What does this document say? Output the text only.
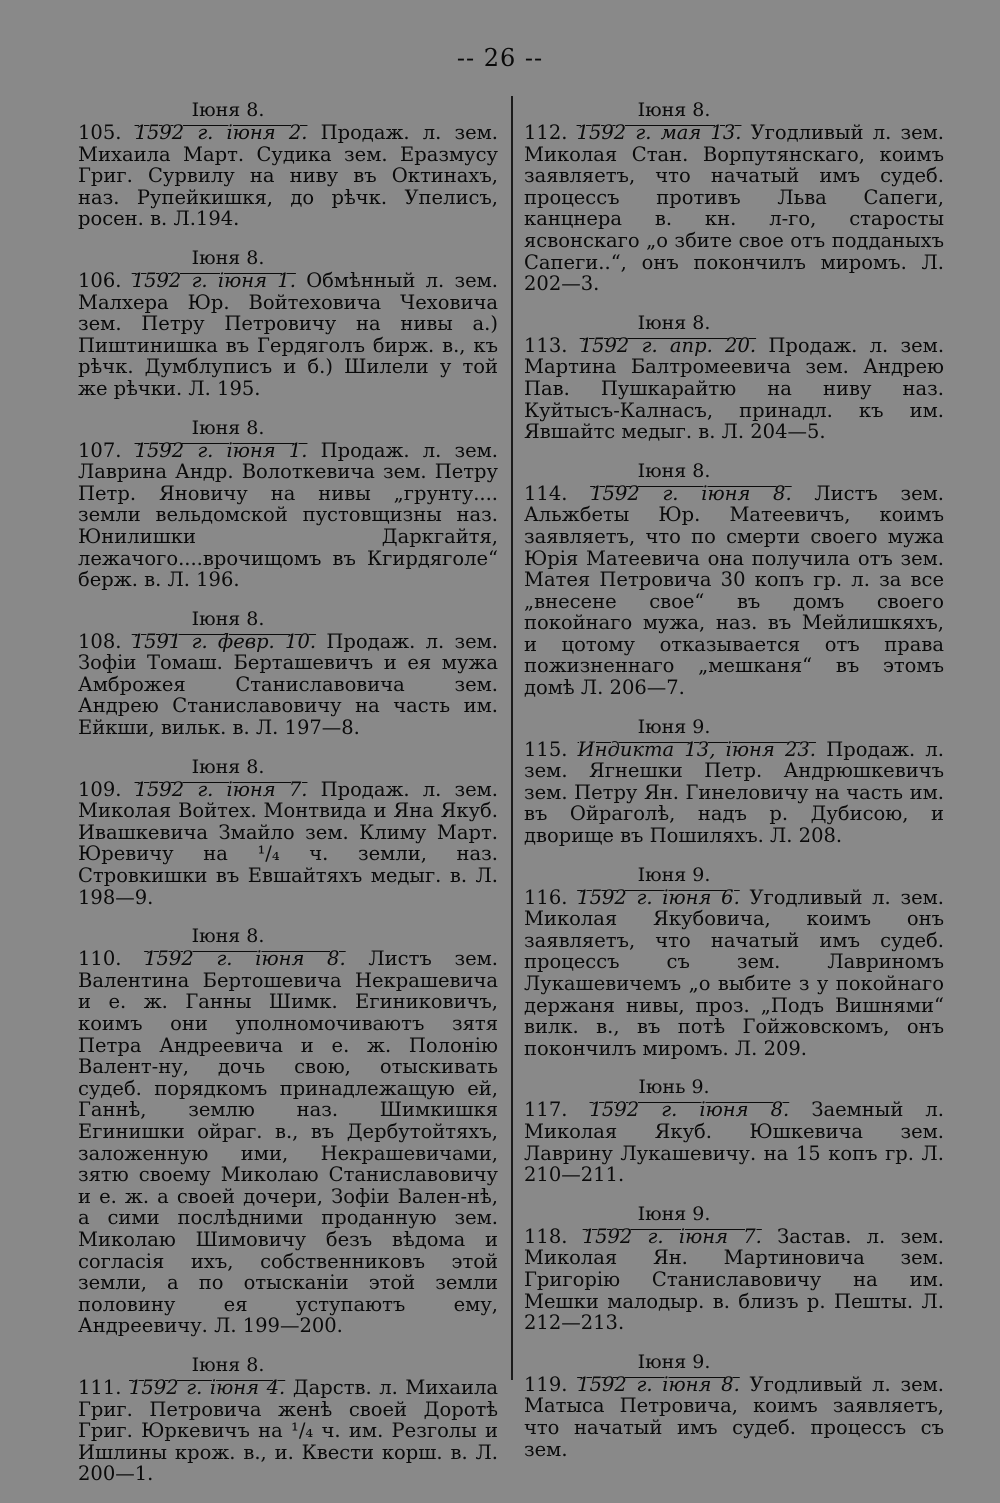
-- 26 --
Іюня 8.
105. 1592 г. іюня 2. Продаж. л. зем. Михаила Март. Судика зем. Еразмусу Григ. Сурвилу на ниву въ Октинахъ, наз. Рупейкишкя, до рѣчк. Упелисъ, росен. в. Л.194.
Іюня 8.
106. 1592 г. іюня 1. Обмѣнный л. зем. Малхера Юр. Войтеховича Чеховича зем. Петру Петровичу на нивы а.) Пиштинишка въ Гердяголъ бирж. в., къ рѣчк. Думблуписъ и б.) Шилели у той же рѣчки. Л. 195.
Іюня 8.
107. 1592 г. іюня 1. Продаж. л. зем. Лаврина Андр. Волоткевича зем. Петру Петр. Яновичу на нивы „грунту.... земли вельдомской пустовщизны наз. Юнилишки Даркгайтя, лежачого....врочищомъ въ Кгирдяголе“ берж. в. Л. 196.
Іюня 8.
108. 1591 г. февр. 10. Продаж. л. зем. Зофіи Томаш. Берташевичъ и ея мужа Амброжея Станиславовича зем. Андрею Станиславовичу на часть им. Ейкши, вильк. в. Л. 197—8.
Іюня 8.
109. 1592 г. іюня 7. Продаж. л. зем. Миколая Войтех. Монтвида и Яна Якуб. Ивашкевича Змайло зем. Климу Март. Юревичу на ¹/₄ ч. земли, наз. Стровкишки въ Евшайтяхъ медыг. в. Л. 198—9.
Іюня 8.
110. 1592 г. іюня 8. Листъ зем. Валентина Бертошевича Некрашевича и е. ж. Ганны Шимк. Егиниковичъ, коимъ они уполномочиваютъ зятя Петра Андреевича и е. ж. Полонію Валент-ну, дочь свою, отыскивать судеб. порядкомъ принадлежащую ей, Ганнѣ, землю наз. Шимкишкя Егинишки ойраг. в., въ Дербутойтяхъ, заложенную ими, Некрашевичами, зятю своему Миколаю Станиславовичу и е. ж. а своей дочери, Зофіи Вален-нѣ, а сими послѣдними проданную зем. Миколаю Шимовичу безъ вѣдома и согласія ихъ, собственниковъ этой земли, а по отысканіи этой земли половину ея уступаютъ ему, Андреевичу. Л. 199—200.
Іюня 8.
111. 1592 г. іюня 4. Дарств. л. Михаила Григ. Петровича женѣ своей Доротѣ Григ. Юркевичъ на ¹/₄ ч. им. Резголы и Ишлины крож. в., и. Квести корш. в. Л. 200—1.
Іюня 8.
112. 1592 г. мая 13. Угодливый л. зем. Миколая Стан. Ворпутянскаго, коимъ заявляетъ, что начатый имъ судеб. процессъ противъ Льва Сапеги, канцнера в. кн. л-го, старосты ясвонскаго „о збите свое отъ подданыхъ Сапеги..“, онъ покончилъ миромъ. Л. 202—3.
Іюня 8.
113. 1592 г. апр. 20. Продаж. л. зем. Мартина Балтромеевича зем. Андрею Пав. Пушкарайтю на ниву наз. Куйтысъ-Калнасъ, принадл. къ им. Явшайтс медыг. в. Л. 204—5.
Іюня 8.
114. 1592 г. іюня 8. Листъ зем. Альжбеты Юр. Матеевичъ, коимъ заявляетъ, что по смерти своего мужа Юрія Матеевича она получила отъ зем. Матея Петровича 30 копъ гр. л. за все „внесене свое“ въ домъ своего покойнаго мужа, наз. въ Мейлишкяхъ, и цотому отказывается отъ права пожизненнаго „мешканя“ въ этомъ домѣ Л. 206—7.
Іюня 9.
115. Индикта 13, іюня 23. Продаж. л. зем. Ягнешки Петр. Андрюшкевичъ зем. Петру Ян. Гинеловичу на часть им. въ Ойраголѣ, надъ р. Дубисою, и дворище въ Пошиляхъ. Л. 208.
Іюня 9.
116. 1592 г. іюня 6. Угодливый л. зем. Миколая Якубовича, коимъ онъ заявляетъ, что начатый имъ судеб. процессъ съ зем. Лавриномъ Лукашевичемъ „о выбите з у покойнаго держаня нивы, проз. „Подъ Вишнями“ вилк. в., въ потѣ Гойжовскомъ, онъ покончилъ миромъ. Л. 209.
Іюнь 9.
117. 1592 г. іюня 8. Заемный л. Миколая Якуб. Юшкевича зем. Лаврину Лукашевичу. на 15 копъ гр. Л. 210—211.
Іюня 9.
118. 1592 г. іюня 7. Застав. л. зем. Миколая Ян. Мартиновича зем. Григорію Станиславовичу на им. Мешки малодыр. в. близъ р. Пешты. Л. 212—213.
Іюня 9.
119. 1592 г. іюня 8. Угодливый л. зем. Матыса Петровича, коимъ заявляетъ, что начатый имъ судеб. процессъ съ зем.
